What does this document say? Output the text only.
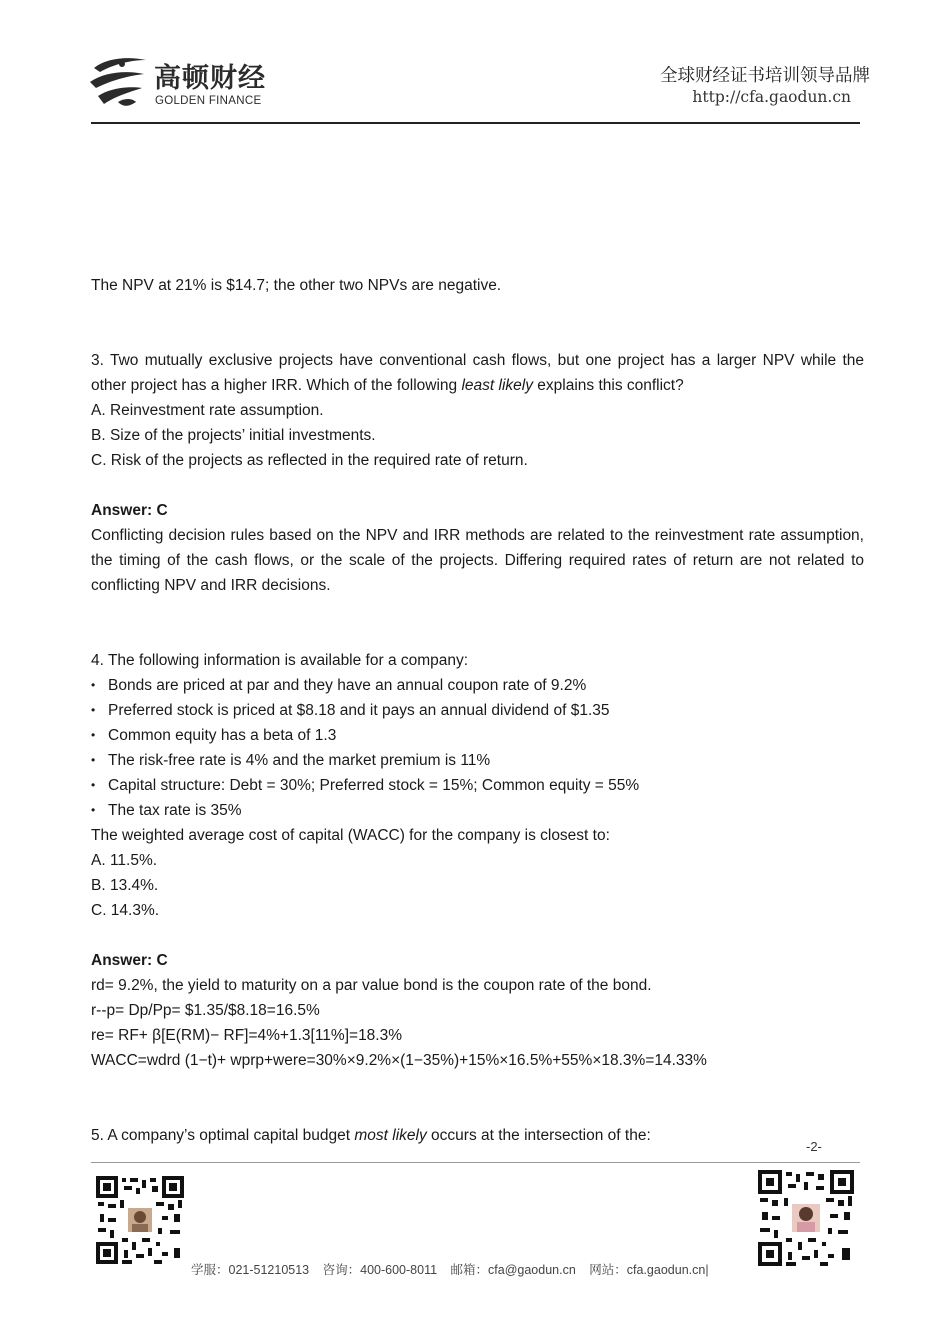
高顿财经
GOLDEN FINANCE
全球财经证书培训领导品牌
http://cfa.gaodun.cn

The NPV at 21% is $14.7; the other two NPVs are negative.

3. Two mutually exclusive projects have conventional cash flows, but one project has a larger NPV while the other project has a higher IRR. Which of the following least likely explains this conflict?

A. Reinvestment rate assumption.

B. Size of the projects’ initial investments.

C. Risk of the projects as reflected in the required rate of return.

Answer: C

Conflicting decision rules based on the NPV and IRR methods are related to the reinvestment rate assumption, the timing of the cash flows, or the scale of the projects. Differing required rates of return are not related to conflicting NPV and IRR decisions.

4. The following information is available for a company:

• Bonds are priced at par and they have an annual coupon rate of 9.2%

• Preferred stock is priced at $8.18 and it pays an annual dividend of $1.35

• Common equity has a beta of 1.3

• The risk-free rate is 4% and the market premium is 11%

• Capital structure: Debt = 30%; Preferred stock = 15%; Common equity = 55%

• The tax rate is 35%

The weighted average cost of capital (WACC) for the company is closest to:

A. 11.5%.

B. 13.4%.

C. 14.3%.

Answer: C

rd= 9.2%, the yield to maturity on a par value bond is the coupon rate of the bond.

r--p= Dp/Pp= $1.35/$8.18=16.5%

re= RF+ β[E(RM)− RF]=4%+1.3[11%]=18.3%

WACC=wdrd (1−t)+ wprp+were=30%×9.2%×(1−35%)+15%×16.5%+55%×18.3%=14.33%

5. A company’s optimal capital budget most likely occurs at the intersection of the:

-2-
学服：021-51210513 咨询：400-600-8011 邮箱：cfa@gaodun.cn 网站：cfa.gaodun.cn|
